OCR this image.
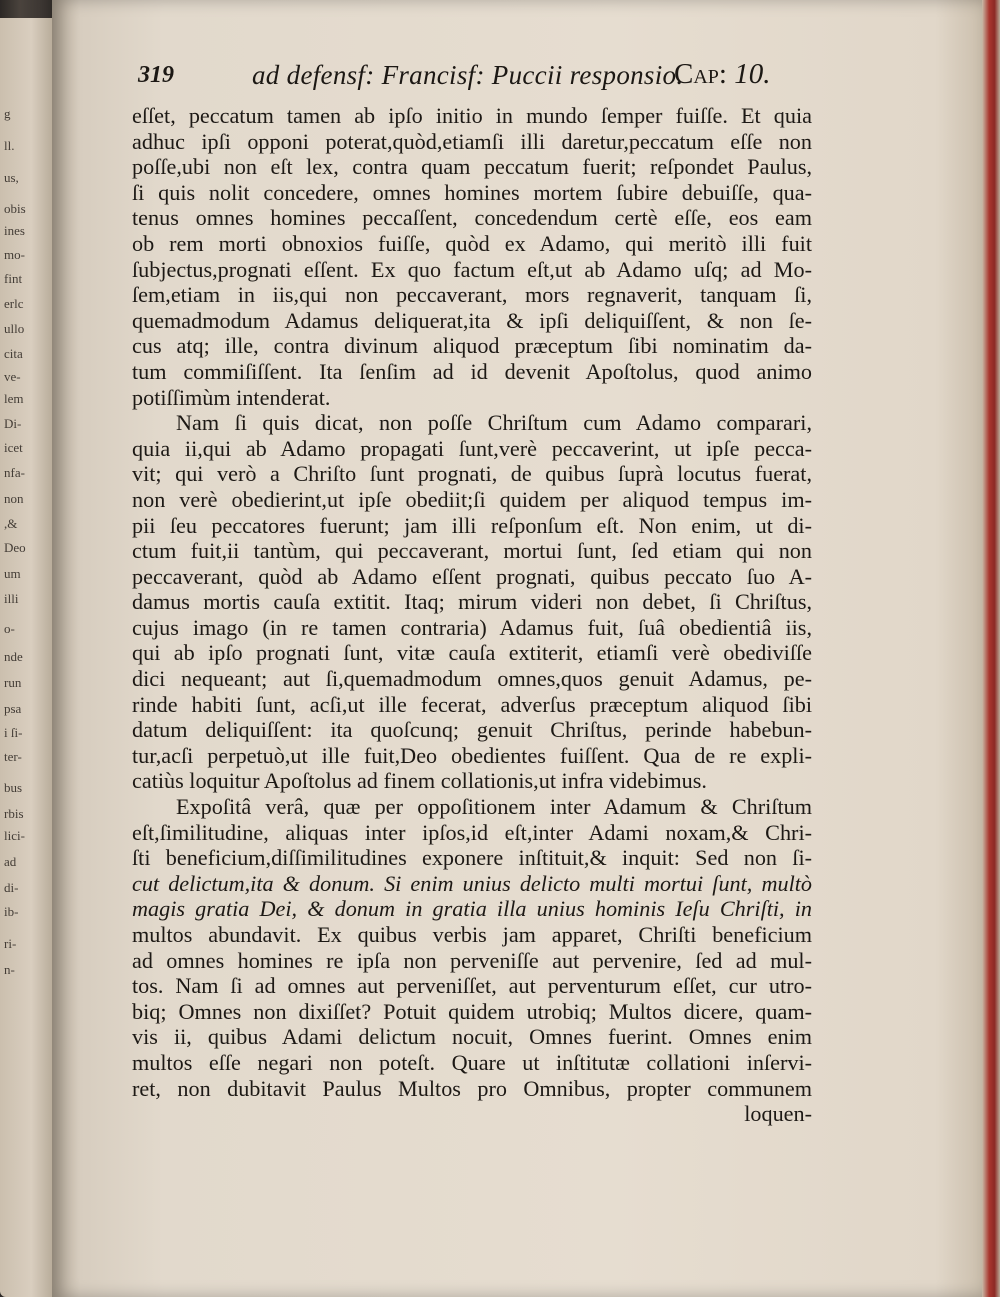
g
ll.
us,
obis
ines
mo-
fint
erlc
ullo
cita
ve-
lem
Di-
icet
nfa-
non
,&
Deo
um
illi
o-
nde
run
psa
i ſi-
ter-
bus
rbis
lici-
ad
di-
ib-
ri-
n-
319	ad defensf: Francisf: Puccii responsio.
Cap: 10.
eſſet, peccatum tamen ab ipſo initio in mundo ſemper fuiſſe. Et quia
adhuc ipſi opponi poterat,quòd,etiamſi illi daretur,peccatum eſſe non
poſſe,ubi non eſt lex, contra quam peccatum fuerit; reſpondet Paulus,
ſi quis nolit concedere, omnes homines mortem ſubire debuiſſe, qua-
tenus omnes homines peccaſſent, concedendum certè eſſe, eos eam
ob rem morti obnoxios fuiſſe, quòd ex Adamo, qui meritò illi fuit
ſubjectus,prognati eſſent. Ex quo factum eſt,ut ab Adamo uſq; ad Mo-
ſem,etiam in iis,qui non peccaverant, mors regnaverit, tanquam ſi,
quemadmodum Adamus deliquerat,ita & ipſi deliquiſſent, & non ſe-
cus atq; ille, contra divinum aliquod præceptum ſibi nominatim da-
tum commiſiſſent. Ita ſenſim ad id devenit Apoſtolus, quod animo
potiſſimùm intenderat.
Nam ſi quis dicat, non poſſe Chriſtum cum Adamo comparari,
quia ii,qui ab Adamo propagati ſunt,verè peccaverint, ut ipſe pecca-
vit; qui verò a Chriſto ſunt prognati, de quibus ſuprà locutus fuerat,
non verè obedierint,ut ipſe obediit;ſi quidem per aliquod tempus im-
pii ſeu peccatores fuerunt; jam illi reſponſum eſt. Non enim, ut di-
ctum fuit,ii tantùm, qui peccaverant, mortui ſunt, ſed etiam qui non
peccaverant, quòd ab Adamo eſſent prognati, quibus peccato ſuo A-
damus mortis cauſa extitit. Itaq; mirum videri non debet, ſi Chriſtus,
cujus imago (in re tamen contraria) Adamus fuit, ſuâ obedientiâ iis,
qui ab ipſo prognati ſunt, vitæ cauſa extiterit, etiamſi verè obediviſſe
dici nequeant; aut ſi,quemadmodum omnes,quos genuit Adamus, pe-
rinde habiti ſunt, acſi,ut ille fecerat, adverſus præceptum aliquod ſibi
datum deliquiſſent: ita quoſcunq; genuit Chriſtus, perinde habebun-
tur,acſi perpetuò,ut ille fuit,Deo obedientes fuiſſent. Qua de re expli-
catiùs loquitur Apoſtolus ad finem collationis,ut infra videbimus.
Expoſitâ verâ, quæ per oppoſitionem inter Adamum & Chriſtum
eſt,ſimilitudine, aliquas inter ipſos,id eſt,inter Adami noxam,& Chri-
ſti beneficium,diſſimilitudines exponere inſtituit,& inquit: Sed non ſi-
cut delictum,ita & donum. Si enim unius delicto multi mortui ſunt, multò
magis gratia Dei, & donum in gratia illa unius hominis Ieſu Chriſti, in
multos abundavit. Ex quibus verbis jam apparet, Chriſti beneficium
ad omnes homines re ipſa non perveniſſe aut pervenire, ſed ad mul-
tos. Nam ſi ad omnes aut perveniſſet, aut perventurum eſſet, cur utro-
biq; Omnes non dixiſſet? Potuit quidem utrobiq; Multos dicere, quam-
vis ii, quibus Adami delictum nocuit, Omnes fuerint. Omnes enim
multos eſſe negari non poteſt. Quare ut inſtitutæ collationi inſervi-
ret, non dubitavit Paulus Multos pro Omnibus, propter communem
loquen-
